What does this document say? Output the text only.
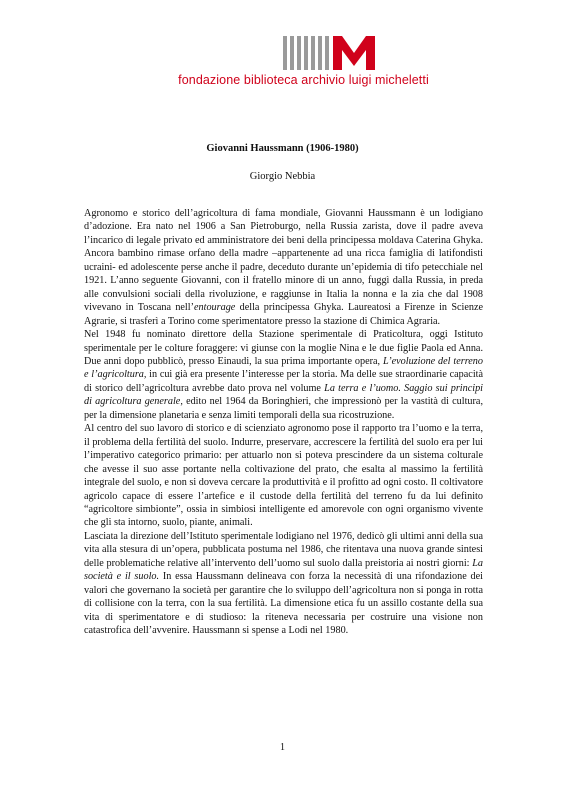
fondazione biblioteca archivio luigi micheletti
Giovanni Haussmann (1906-1980)
Giorgio Nebbia

Agronomo e storico dell’agricoltura di fama mondiale, Giovanni Haussmann è un lodigiano d’adozione. Era nato nel 1906 a San Pietroburgo, nella Russia zarista, dove il padre aveva l’incarico di legale privato ed amministratore dei beni della principessa moldava Caterina Ghyka. Ancora bambino rimase orfano della madre –appartenente ad una ricca famiglia di latifondisti ucraini- ed adolescente perse anche il padre, deceduto durante un’epidemia di tifo petecchiale nel 1921. L’anno seguente Giovanni, con il fratello minore di un anno, fuggì dalla Russia, in preda alle convulsioni sociali della rivoluzione, e raggiunse in Italia la nonna e la zia che dal 1908 vivevano in Toscana nell’entourage della principessa Ghyka. Laureatosi a Firenze in Scienze Agrarie, si trasferì a Torino come sperimentatore presso la stazione di Chimica Agraria.

Nel 1948 fu nominato direttore della Stazione sperimentale di Praticoltura, oggi Istituto sperimentale per le colture foraggere: vi giunse con la moglie Nina e le due figlie Paola ed Anna. Due anni dopo pubblicò, presso Einaudi, la sua prima importante opera, L’evoluzione del terreno e l’agricoltura, in cui già era presente l’interesse per la storia. Ma delle sue straordinarie capacità di storico dell’agricoltura avrebbe dato prova nel volume La terra e l’uomo. Saggio sui principi di agricoltura generale, edito nel 1964 da Boringhieri, che impressionò per la vastità di cultura, per la dimensione planetaria e senza limiti temporali della sua ricostruzione.

Al centro del suo lavoro di storico e di scienziato agronomo pose il rapporto tra l’uomo e la terra, il problema della fertilità del suolo. Indurre, preservare, accrescere la fertilità del suolo era per lui l’imperativo categorico primario: per attuarlo non si poteva prescindere da un sistema colturale che avesse il suo asse portante nella coltivazione del prato, che esalta al massimo la fertilità integrale del suolo, e non si doveva cercare la produttività e il profitto ad ogni costo. Il coltivatore agricolo capace di essere l’artefice e il custode della fertilità del terreno fu da lui definito “agricoltore simbionte”, ossia in simbiosi intelligente ed amorevole con ogni organismo vivente che gli sta intorno, suolo, piante, animali.

Lasciata la direzione dell’Istituto sperimentale lodigiano nel 1976, dedicò gli ultimi anni della sua vita alla stesura di un’opera, pubblicata postuma nel 1986, che ritentava una nuova grande sintesi delle problematiche relative all’intervento dell’uomo sul suolo dalla preistoria ai nostri giorni: La società e il suolo. In essa Haussmann delineava con forza la necessità di una rifondazione dei valori che governano la società per garantire che lo sviluppo dell’agricoltura non si ponga in rotta di collisione con la terra, con la sua fertilità. La dimensione etica fu un assillo costante della sua vita di sperimentatore e di studioso: la riteneva necessaria per costruire una visione non catastrofica dell’avvenire. Haussmann si spense a Lodi nel 1980.

1
